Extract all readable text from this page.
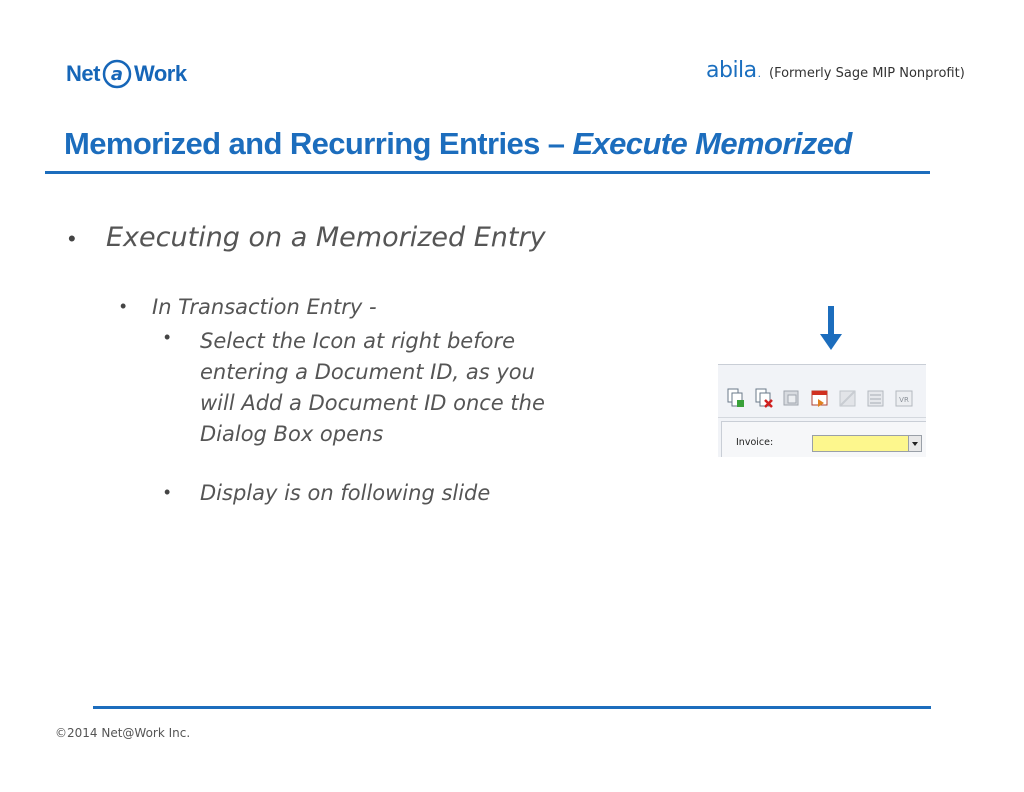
Net a Work	abila . (Formerly Sage MIP Nonprofit)
Memorized and Recurring Entries – Execute Memorized
• Executing on a Memorized Entry
• In Transaction Entry -
• Select the Icon at right before entering a Document ID, as you will Add a Document ID once the Dialog Box opens
• Display is on following slide
VR
Invoice:
©2014 Net@Work Inc.
